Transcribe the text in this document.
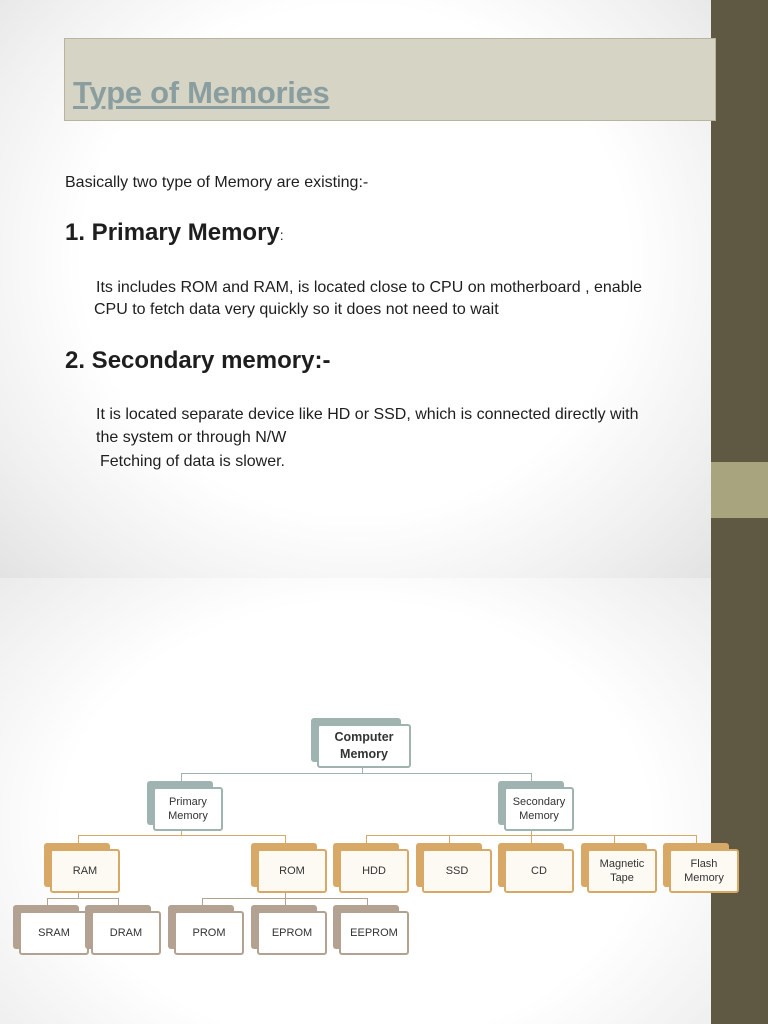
Type of Memories

Basically two type of Memory are existing:-

1. Primary Memory:

Its includes ROM and RAM, is located close to CPU on motherboard , enable

CPU to fetch data very quickly so it does not need to wait

2. Secondary memory:-

It is located separate device like HD or SSD, which is connected directly with

the system or through N/W

Fetching of data is slower.

Computer
Memory
Primary
Memory
Secondary
Memory
RAM	ROM	HDD	SSD	CD
Magnetic
Tape
Flash
Memory
SRAM	DRAM	PROM	EPROM	EEPROM
